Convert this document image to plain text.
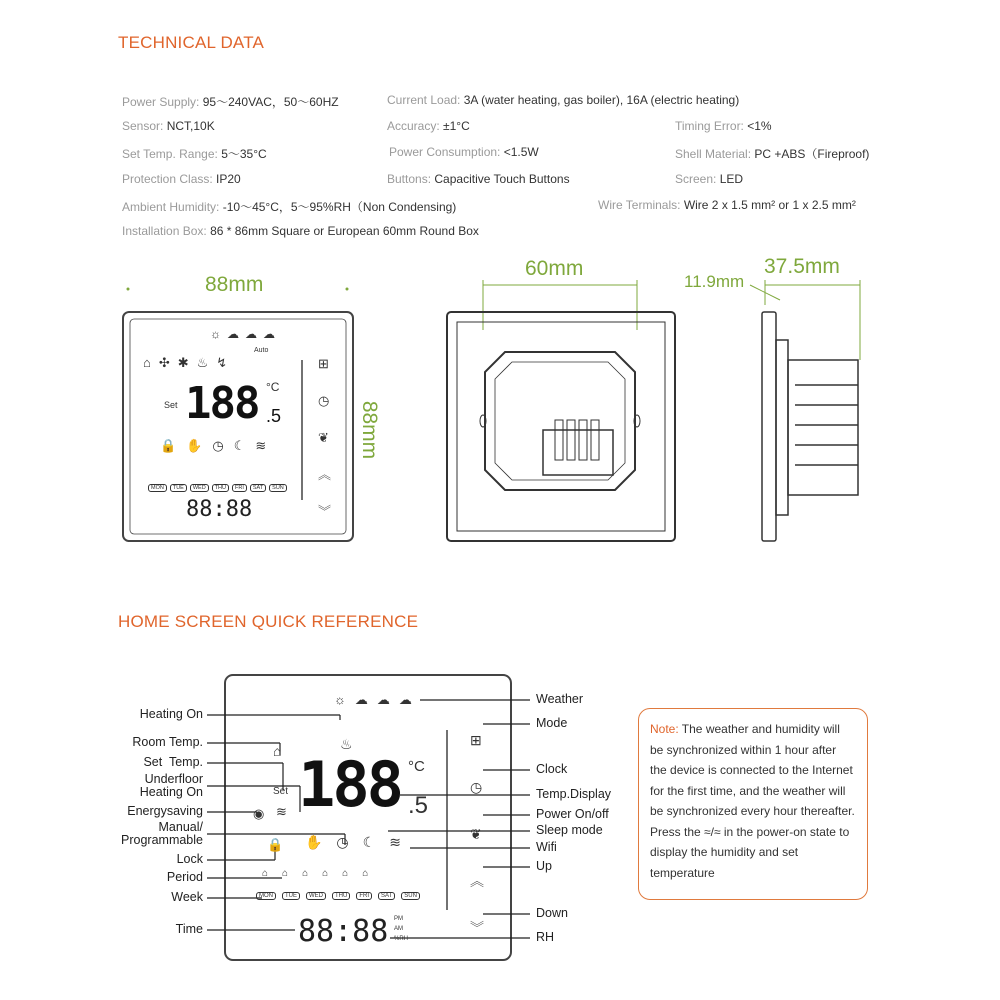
TECHNICAL DATA
Power Supply: 95～240VAC，50～60HZ	Current Load: 3A (water heating, gas boiler), 16A (electric heating)
Sensor: NCT,10K	Accuracy: ±1°C	Timing Error: <1%
Set Temp. Range: 5～35°C	Power Consumption: <1.5W	Shell Material: PC +ABS（Fireproof)
Protection Class: IP20	Buttons: Capacitive Touch Buttons	Screen: LED
Ambient Humidity: -10～45°C，5～95%RH（Non Condensing)	Wire Terminals: Wire 2 x 1.5 mm² or 1 x 2.5 mm²
Installation Box: 86 * 86mm Square or European 60mm Round Box
88mm
88mm
60mm
11.9mm
37.5mm
188 .5
°C
Set
Auto
☼☁☁☁
⌂✣✱♨↯
🔒✋◷☾≋
⊞
◷
❦
︽
︾
88:88
MON	TUE	WED	THU	FRI	SAT	SUN
HOME SCREEN QUICK REFERENCE
188 .5
°C
Set
☼☁☁☁
♨
⌂
≋
◉
🔒 ✋◷☾≋
⊞
◷
❦
︽
︾
⌂⌂⌂⌂⌂⌂
MON	TUE	WED	THU	FRI	SAT	SUN
88:88 PM
AM
%RH
Heating On
Room Temp.
Set  Temp.
Underfloor
Heating On
Energysaving
Manual/
Programmable
Lock
Period
Week
Time
Weather
Mode
Clock
Temp.Display
Power On/off
Sleep mode
Wifi
Up
Down
RH
Note: The weather and humidity will be synchronized within 1 hour after the device is connected to the Internet for the first time, and the weather will be synchronized every hour thereafter. Press the ≈/≈ in the power-on state to display the humidity and set temperature
